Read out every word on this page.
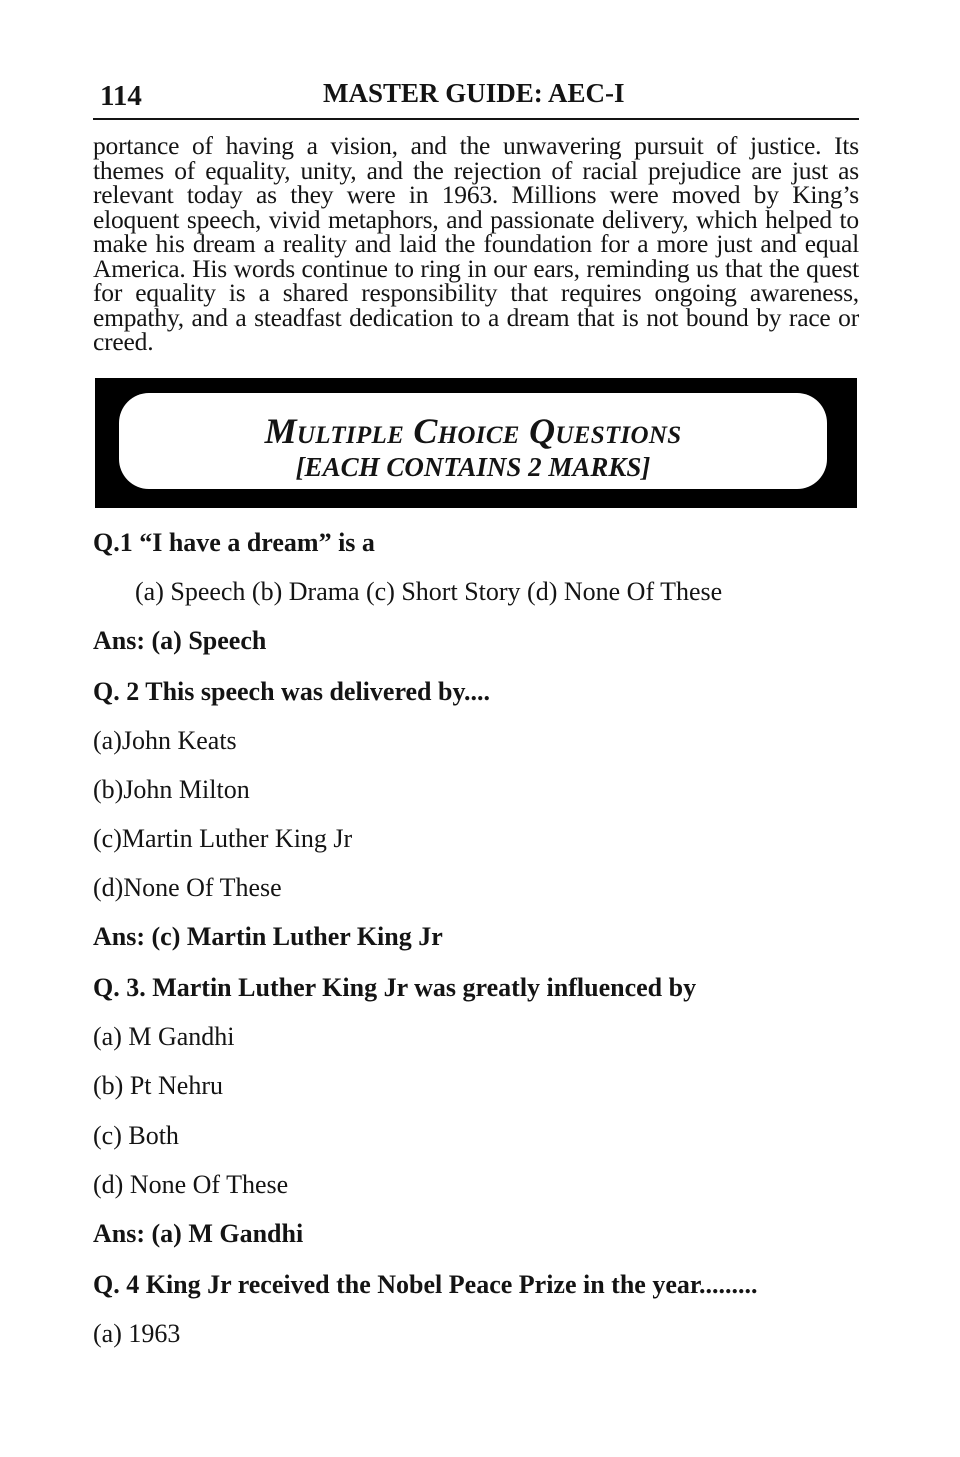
114	MASTER GUIDE: AEC-I
portance of having a vision, and the unwavering pursuit of justice. Its themes of equality, unity, and the rejection of racial prejudice are just as relevant today as they were in 1963. Millions were moved by King’s eloquent speech, vivid metaphors, and passionate delivery, which helped to make his dream a reality and laid the foundation for a more just and equal America. His words continue to ring in our ears, reminding us that the quest for equality is a shared responsibility that requires ongoing awareness, empathy, and a steadfast dedication to a dream that is not bound by race or creed.
Multiple Choice Questions
[EACH CONTAINS 2 MARKS]
Q.1 “I have a dream” is a
(a) Speech (b) Drama (c) Short Story (d) None Of These
Ans: (a) Speech
Q. 2 This speech was delivered by....
(a)John Keats
(b)John Milton
(c)Martin Luther King Jr
(d)None Of These
Ans: (c) Martin Luther King Jr
Q. 3. Martin Luther King Jr was greatly influenced by
(a) M Gandhi
(b) Pt Nehru
(c) Both
(d) None Of These
Ans: (a) M Gandhi
Q. 4 King Jr received the Nobel Peace Prize in the year.........
(a) 1963
